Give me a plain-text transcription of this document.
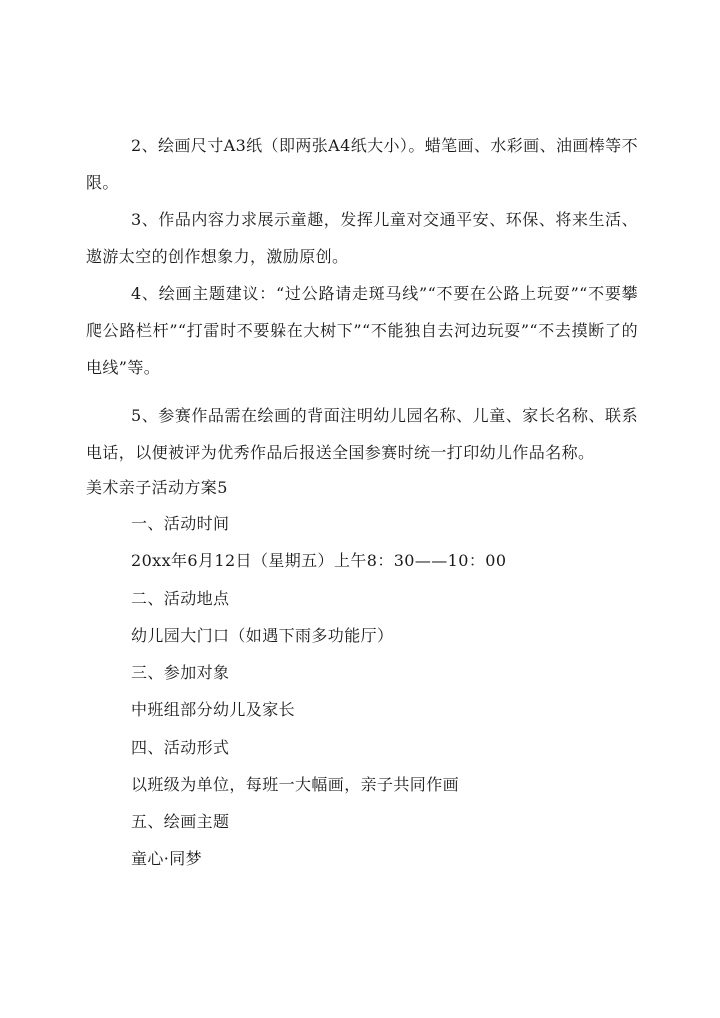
2、绘画尺寸A3纸（即两张A4纸大小）。蜡笔画、水彩画、油画棒等不限。

3、作品内容力求展示童趣，发挥儿童对交通平安、环保、将来生活、遨游太空的创作想象力，激励原创。

4、绘画主题建议：“过公路请走斑马线”“不要在公路上玩耍”“不要攀爬公路栏杆”“打雷时不要躲在大树下”“不能独自去河边玩耍”“不去摸断了的电线”等。

5、参赛作品需在绘画的背面注明幼儿园名称、儿童、家长名称、联系电话，以便被评为优秀作品后报送全国参赛时统一打印幼儿作品名称。

美术亲子活动方案5

一、活动时间

20xx年6月12日（星期五）上午8：30——10：00

二、活动地点

幼儿园大门口（如遇下雨多功能厅）

三、参加对象

中班组部分幼儿及家长

四、活动形式

以班级为单位，每班一大幅画，亲子共同作画

五、绘画主题

童心·同梦
